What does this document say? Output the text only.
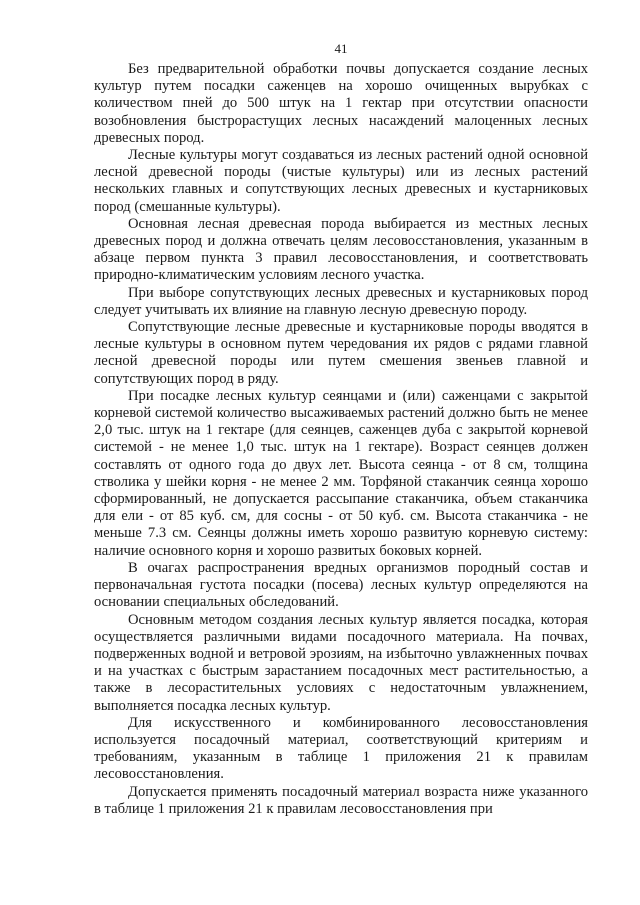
41

Без предварительной обработки почвы допускается создание лесных культур путем посадки саженцев на хорошо очищенных вырубках с количеством пней до 500 штук на 1 гектар при отсутствии опасности возобновления быстрорастущих лесных насаждений малоценных лесных древесных пород.

Лесные культуры могут создаваться из лесных растений одной основной лесной древесной породы (чистые культуры) или из лесных растений нескольких главных и сопутствующих лесных древесных и кустарниковых пород (смешанные культуры).

Основная лесная древесная порода выбирается из местных лесных древесных пород и должна отвечать целям лесовосстановления, указанным в абзаце первом пункта 3 правил лесовосстановления, и соответствовать природно-климатическим условиям лесного участка.

При выборе сопутствующих лесных древесных и кустарниковых пород следует учитывать их влияние на главную лесную древесную породу.

Сопутствующие лесные древесные и кустарниковые породы вводятся в лесные культуры в основном путем чередования их рядов с рядами главной лесной древесной породы или путем смешения звеньев главной и сопутствующих пород в ряду.

При посадке лесных культур сеянцами и (или) саженцами с закрытой корневой системой количество высаживаемых растений должно быть не менее 2,0 тыс. штук на 1 гектаре (для сеянцев, саженцев дуба с закрытой корневой системой - не менее 1,0 тыс. штук на 1 гектаре). Возраст сеянцев должен составлять от одного года до двух лет. Высота сеянца - от 8 см, толщина стволика у шейки корня - не менее 2 мм. Торфяной стаканчик сеянца хорошо сформированный, не допускается рассыпание стаканчика, объем стаканчика для ели - от 85 куб. см, для сосны - от 50 куб. см. Высота стаканчика - не меньше 7.3 см. Сеянцы должны иметь хорошо развитую корневую систему: наличие основного корня и хорошо развитых боковых корней.

В очагах распространения вредных организмов породный состав и первоначальная густота посадки (посева) лесных культур определяются на основании специальных обследований.

Основным методом создания лесных культур является посадка, которая осуществляется различными видами посадочного материала. На почвах, подверженных водной и ветровой эрозиям, на избыточно увлажненных почвах и на участках с быстрым зарастанием посадочных мест растительностью, а также в лесорастительных условиях с недостаточным увлажнением, выполняется посадка лесных культур.

Для искусственного и комбинированного лесовосстановления используется посадочный материал, соответствующий критериям и требованиям, указанным в таблице 1 приложения 21 к правилам лесовосстановления.

Допускается применять посадочный материал возраста ниже указанного в таблице 1 приложения 21 к правилам лесовосстановления при
